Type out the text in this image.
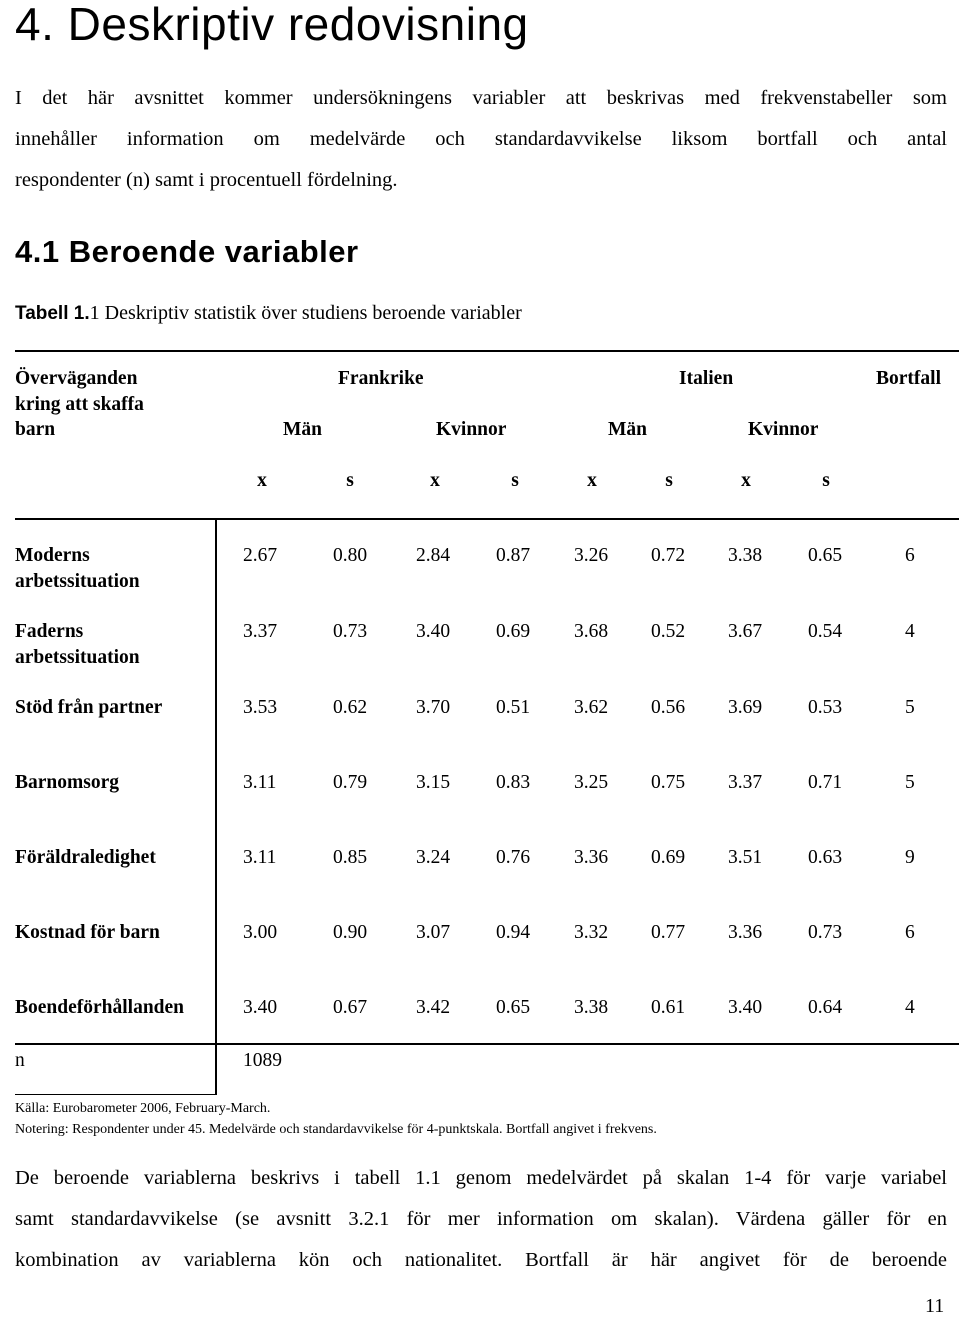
4. Deskriptiv redovisning
I det här avsnittet kommer undersökningens variabler att beskrivas med frekvenstabeller som
innehåller information om medelvärde och standardavvikelse liksom bortfall och antal
respondenter (n) samt i procentuell fördelning.
4.1 Beroende variabler
Tabell 1.1 Deskriptiv statistik över studiens beroende variabler
Överväganden
kring att skaffa
barn
Frankrike	Italien	Bortfall
Män	Kvinnor	Män	Kvinnor
x	s	x	s	x	s	x	s
Moderns arbetssituation
2.67	0.80	2.84 0.87 3.26 0.72 3.38 0.65	6
Faderns arbetssituation
3.37	0.73	3.40 0.69 3.68 0.52 3.67 0.54	4
Stöd från partner	3.53	0.62	3.70 0.51 3.62 0.56 3.69 0.53	5
Barnomsorg	3.11	0.79	3.15 0.83 3.25 0.75 3.37 0.71	5
Föräldraledighet	3.11	0.85	3.24 0.76 3.36 0.69 3.51 0.63	9
Kostnad för barn	3.00	0.90	3.07 0.94 3.32 0.77 3.36 0.73	6
Boendeförhållanden	3.40	0.67	3.42 0.65 3.38 0.61 3.40 0.64	4
n	1089
Källa: Eurobarometer 2006, February-March.
Notering: Respondenter under 45. Medelvärde och standardavvikelse för 4-punktskala. Bortfall angivet i frekvens.
De beroende variablerna beskrivs i tabell 1.1 genom medelvärdet på skalan 1-4 för varje variabel
samt standardavvikelse (se avsnitt 3.2.1 för mer information om skalan). Värdena gäller för en
kombination av variablerna kön och nationalitet. Bortfall är här angivet för de beroende
11
